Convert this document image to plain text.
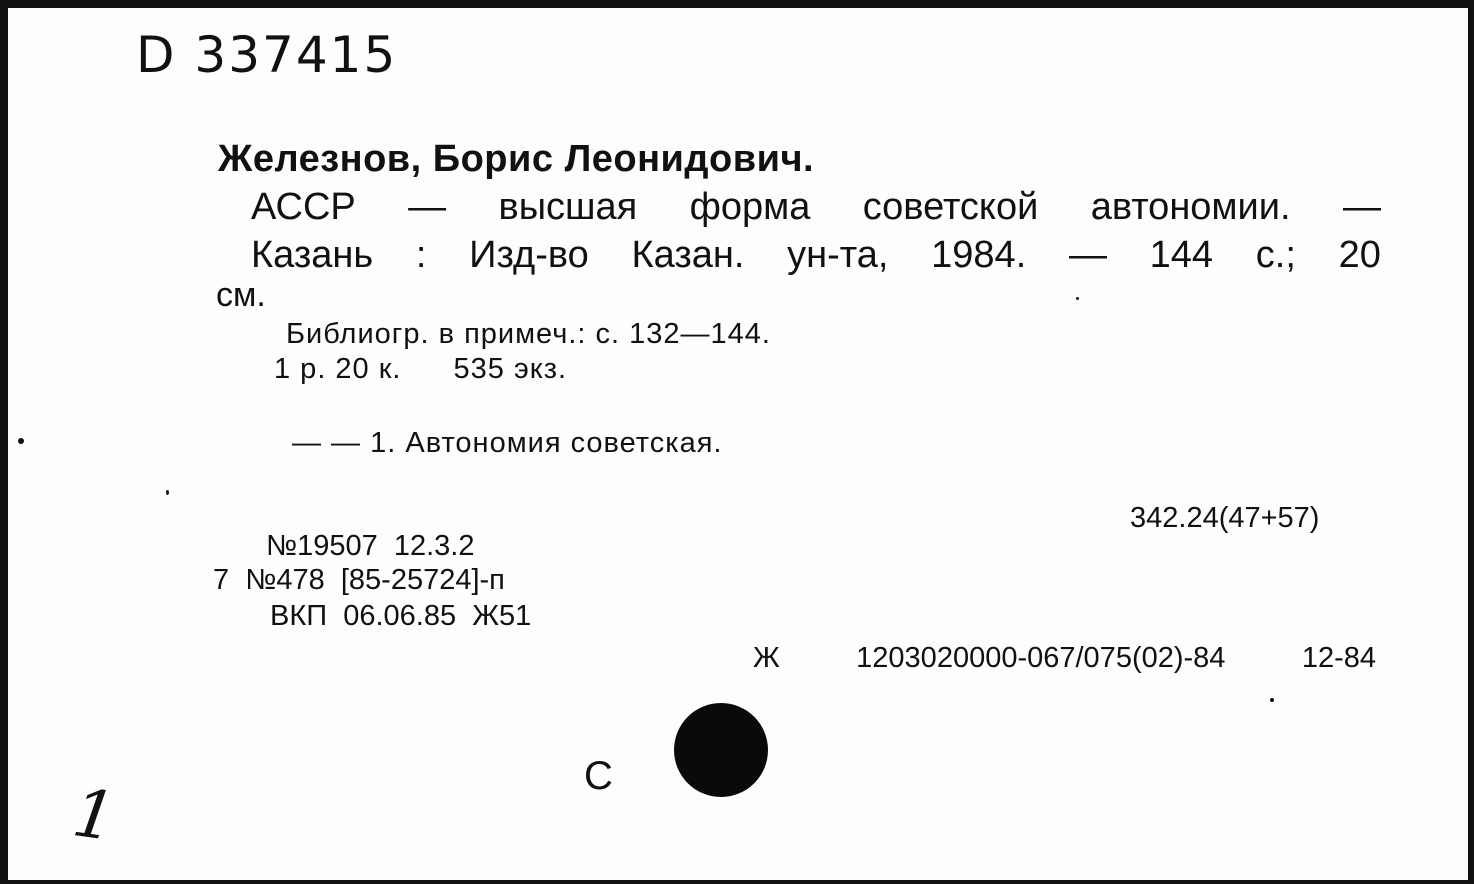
D 337415
Железнов, Борис Леонидович.
АССР — высшая форма советской автономии. —
Казань : Изд-во Казан. ун-та, 1984. — 144 с.; 20
см.
Библиогр. в примеч.: с. 132—144.
1 р. 20 к. 535 экз.
— — 1. Автономия советская.
342.24(47+57)
№19507  12.3.2
7  №478  [85-25724]-п
ВКП  06.06.85  Ж51
Ж	1203020000-067/075(02)-84	12-84
С
1
